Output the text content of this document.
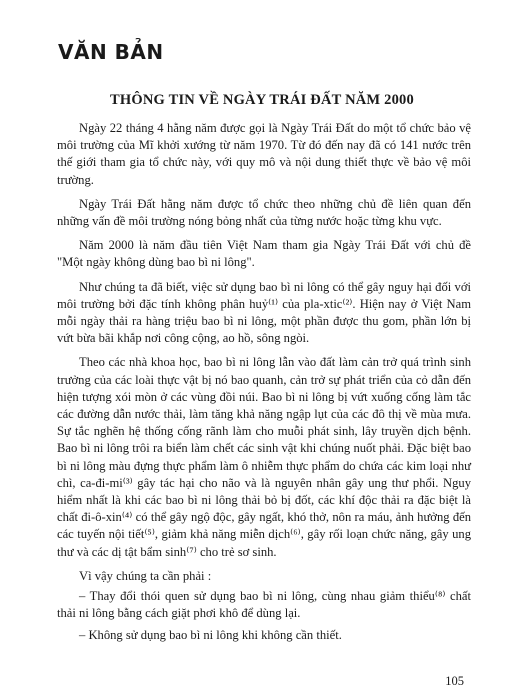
VĂN BẢN
THÔNG TIN VỀ NGÀY TRÁI ĐẤT NĂM 2000

Ngày 22 tháng 4 hằng năm được gọi là Ngày Trái Đất do một tổ chức bảo vệ môi trường của Mĩ khởi xướng từ năm 1970. Từ đó đến nay đã có 141 nước trên thế giới tham gia tổ chức này, với quy mô và nội dung thiết thực về bảo vệ môi trường.

Ngày Trái Đất hằng năm được tổ chức theo những chủ đề liên quan đến những vấn đề môi trường nóng bỏng nhất của từng nước hoặc từng khu vực.

Năm 2000 là năm đầu tiên Việt Nam tham gia Ngày Trái Đất với chủ đề "Một ngày không dùng bao bì ni lông".

Như chúng ta đã biết, việc sử dụng bao bì ni lông có thể gây nguy hại đối với môi trường bởi đặc tính không phân huỷ⁽¹⁾ của pla-xtic⁽²⁾. Hiện nay ở Việt Nam mỗi ngày thải ra hàng triệu bao bì ni lông, một phần được thu gom, phần lớn bị vứt bừa bãi khắp nơi công cộng, ao hồ, sông ngòi.

Theo các nhà khoa học, bao bì ni lông lẫn vào đất làm cản trở quá trình sinh trưởng của các loài thực vật bị nó bao quanh, cản trở sự phát triển của cỏ dẫn đến hiện tượng xói mòn ở các vùng đồi núi. Bao bì ni lông bị vứt xuống cống làm tắc các đường dẫn nước thải, làm tăng khả năng ngập lụt của các đô thị về mùa mưa. Sự tắc nghẽn hệ thống cống rãnh làm cho muỗi phát sinh, lây truyền dịch bệnh. Bao bì ni lông trôi ra biển làm chết các sinh vật khi chúng nuốt phải. Đặc biệt bao bì ni lông màu đựng thực phẩm làm ô nhiễm thực phẩm do chứa các kim loại như chì, ca-đi-mi⁽³⁾ gây tác hại cho não và là nguyên nhân gây ung thư phổi. Nguy hiểm nhất là khi các bao bì ni lông thải bỏ bị đốt, các khí độc thải ra đặc biệt là chất đi-ô-xin⁽⁴⁾ có thể gây ngộ độc, gây ngất, khó thở, nôn ra máu, ảnh hưởng đến các tuyến nội tiết⁽⁵⁾, giảm khả năng miễn dịch⁽⁶⁾, gây rối loạn chức năng, gây ung thư và các dị tật bẩm sinh⁽⁷⁾ cho trẻ sơ sinh.

Vì vậy chúng ta cần phải :

– Thay đổi thói quen sử dụng bao bì ni lông, cùng nhau giảm thiểu⁽⁸⁾ chất thải ni lông bằng cách giặt phơi khô để dùng lại.

– Không sử dụng bao bì ni lông khi không cần thiết.

105
